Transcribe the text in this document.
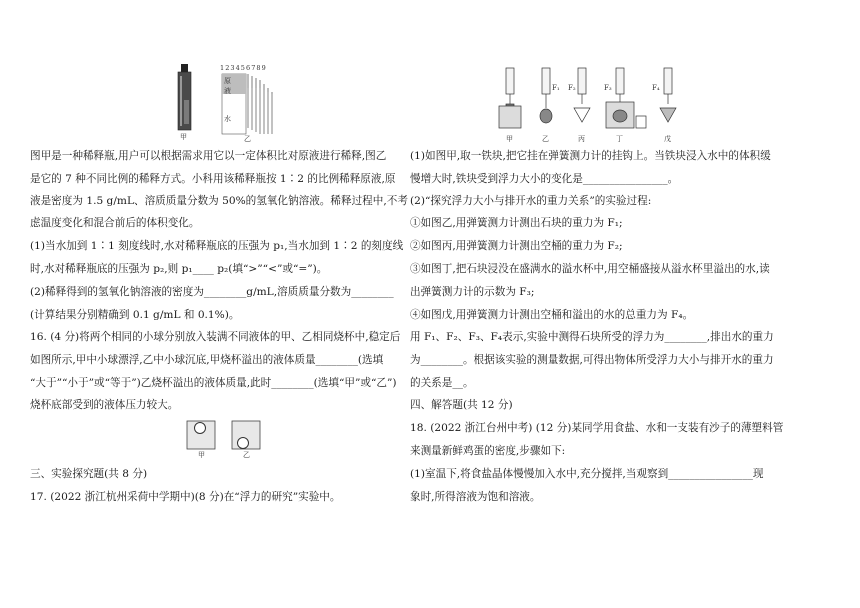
1 2 3 4 5 6 7 8 9
原
液
水
甲	乙
图甲是一种稀释瓶,用户可以根据需求用它以一定体积比对原液进行稀释,图乙
是它的 7 种不同比例的稀释方式。小科用该稀释瓶按 1∶2 的比例稀释原液,原
液是密度为 1.5 g/mL、溶质质量分数为 50%的氢氧化钠溶液。稀释过程中,不考
虑温度变化和混合前后的体积变化。
(1)当水加到 1∶1 刻度线时,水对稀释瓶底的压强为 p₁,当水加到 1∶2 的刻度线
时,水对稀释瓶底的压强为 p₂,则 p₁____ p₂(填“>”“<”或“=”)。
(2)稀释得到的氢氧化钠溶液的密度为________g/mL,溶质质量分数为________
(计算结果分别精确到 0.1 g/mL 和 0.1%)。
16. (4 分)将两个相同的小球分别放入装满不同液体的甲、乙相同烧杯中,稳定后
如图所示,甲中小球漂浮,乙中小球沉底,甲烧杯溢出的液体质量________(选填
“大于”“小于”或“等于”)乙烧杯溢出的液体质量,此时________(选填“甲”或“乙”)
烧杯底部受到的液体压力较大。
甲	乙
三、实验探究题(共 8 分)
17. (2022 浙江杭州采荷中学期中)(8 分)在“浮力的研究”实验中。
F₁ F₂	F₃	F₄
甲	乙	丙	丁	戊
(1)如图甲,取一铁块,把它挂在弹簧测力计的挂钩上。当铁块浸入水中的体积缓
慢增大时,铁块受到浮力大小的变化是________________。
(2)“探究浮力大小与排开水的重力关系”的实验过程:
①如图乙,用弹簧测力计测出石块的重力为 F₁;
②如图丙,用弹簧测力计测出空桶的重力为 F₂;
③如图丁,把石块浸没在盛满水的溢水杯中,用空桶盛接从溢水杯里溢出的水,读
出弹簧测力计的示数为 F₃;
④如图戊,用弹簧测力计测出空桶和溢出的水的总重力为 F₄。
用 F₁、F₂、F₃、F₄表示,实验中测得石块所受的浮力为________,排出水的重力
为________。根据该实验的测量数据,可得出物体所受浮力大小与排开水的重力
的关系是__。
四、解答题(共 12 分)
18. (2022 浙江台州中考) (12 分)某同学用食盐、水和一支装有沙子的薄塑料管
来测量新鲜鸡蛋的密度,步骤如下:
(1)室温下,将食盐晶体慢慢加入水中,充分搅拌,当观察到________________现
象时,所得溶液为饱和溶液。
